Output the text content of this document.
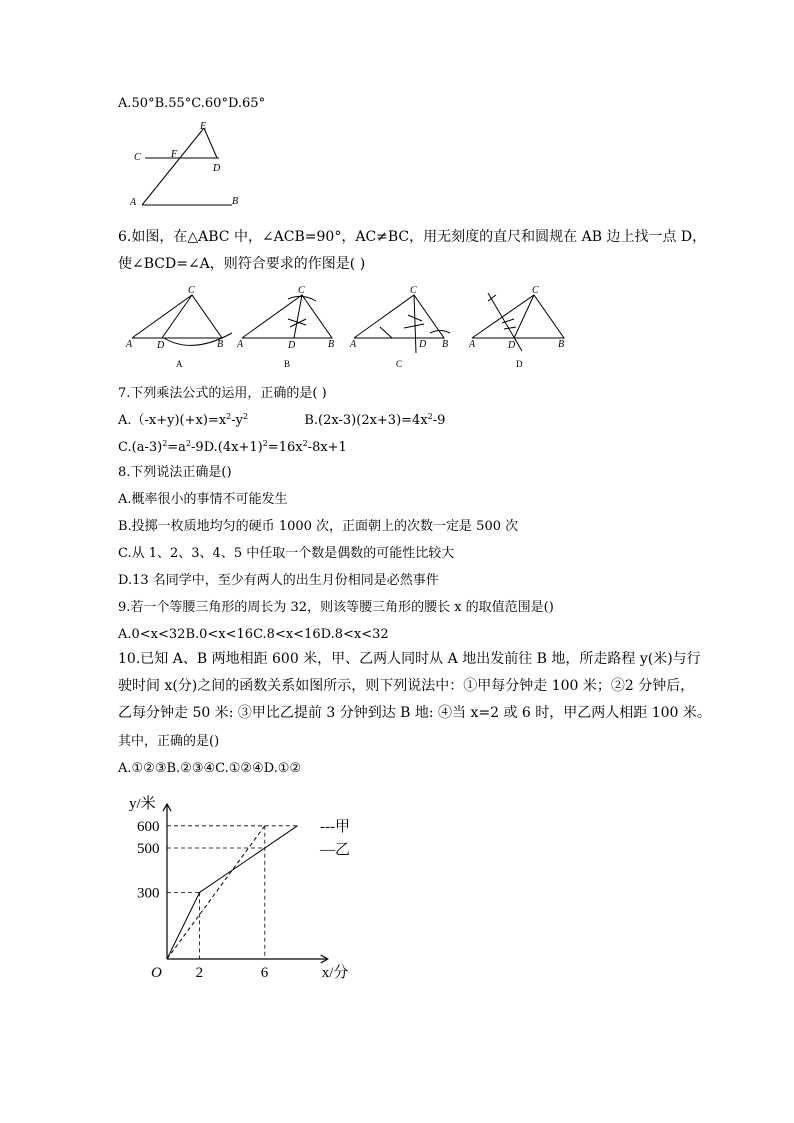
A.50°B.55°C.60°D.65°
E
C	F
D
A	B
6.如图，在△ABC 中，∠ACB=90°，AC≠BC，用无刻度的直尺和圆规在 AB 边上找一点 D，
使∠BCD=∠A，则符合要求的作图是( )
C
A D	B
C
A	D	B
C
A	D B
C
A	D	B
A	B	C	D
7.下列乘法公式的运用，正确的是( )
$A.(-x+y)(+x)=x^2-y^2$	$B.(2x-3)(2x+3)=4x^2-9$
$C.(a-3)^2=a^2-9D.(4x+1)^2=16x^2-8x+1$
8.下列说法正确是()
A.概率很小的事情不可能发生
B.投掷一枚质地均匀的硬币 1000 次，正面朝上的次数一定是 500 次
C.从 1、2、3、4、5 中任取一个数是偶数的可能性比较大
D.13 名同学中，至少有两人的出生月份相同是必然事件
9.若一个等腰三角形的周长为 32，则该等腰三角形的腰长 x 的取值范围是()
A.0<x<32B.0<x<16C.8<x<16D.8<x<32
10.已知 A、B 两地相距 600 米，甲、乙两人同时从 A 地出发前往 B 地，所走路程 y(米)与行
驶时间 x(分)之间的函数关系如图所示，则下列说法中：①甲每分钟走 100 米；②2 分钟后，
乙每分钟走 50 米: ③甲比乙提前 3 分钟到达 B 地: ④当 x=2 或 6 时，甲乙两人相距 100 米。
其中，正确的是()
A.①②③B.②③④C.①②④D.①②
300
500
600
2	6
O
y/米
x/分
---甲
—乙
